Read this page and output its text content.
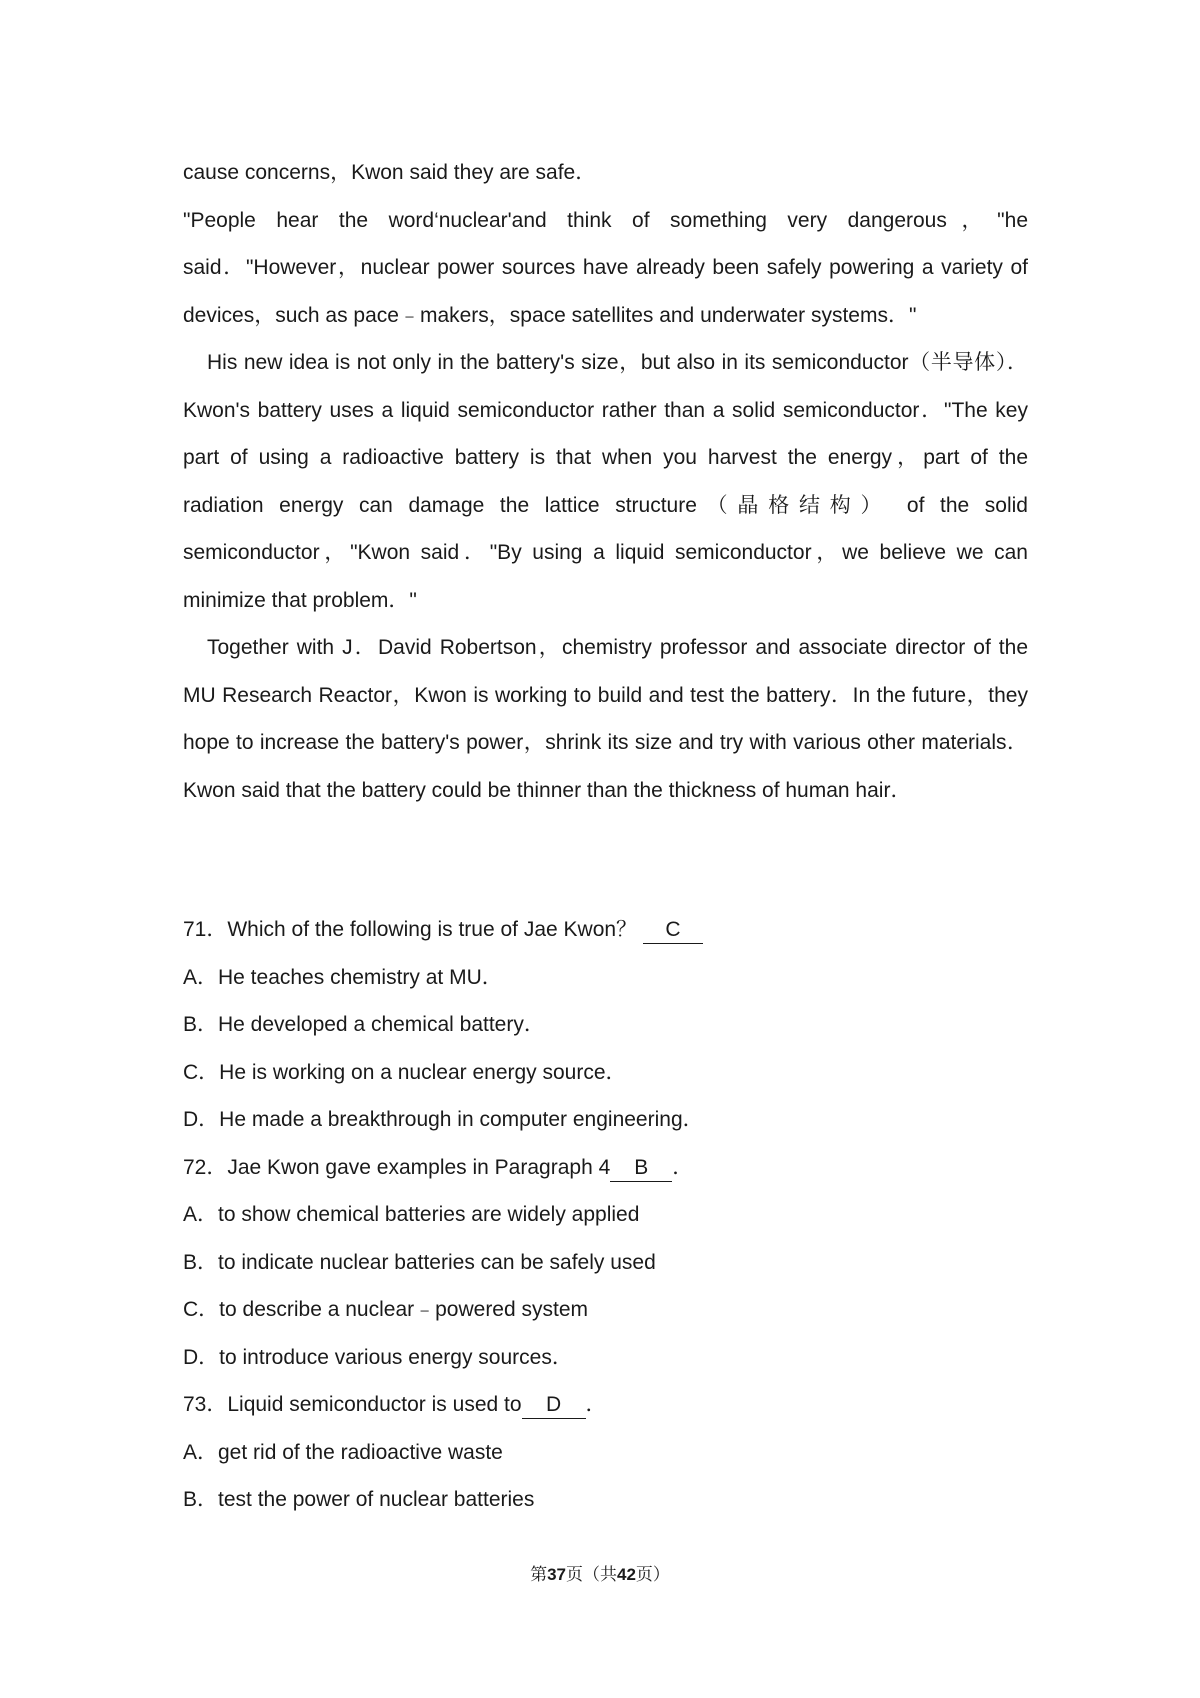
cause concerns，Kwon said they are safe．

"People hear the word‘nuclear'and think of something very dangerous，"he said．"However，nuclear power sources have already been safely powering a variety of devices，such as pace﹣makers，space satellites and underwater systems．"

His new idea is not only in the battery's size，but also in its semiconductor（半导体）．Kwon's battery uses a liquid semiconductor rather than a solid semiconductor．"The key part of using a radioactive battery is that when you harvest the energy，part of the radiation energy can damage the lattice structure（晶格结构） of the solid semiconductor，"Kwon said．"By using a liquid semiconductor，we believe we can minimize that problem．"

Together with J．David Robertson，chemistry professor and associate director of the MU Research Reactor，Kwon is working to build and test the battery．In the future，they hope to increase the battery's power，shrink its size and try with various other materials．Kwon said that the battery could be thinner than the thickness of human hair．

71．Which of the following is true of Jae Kwon？ C
A．He teaches chemistry at MU．
B．He developed a chemical battery．
C．He is working on a nuclear energy source．
D．He made a breakthrough in computer engineering．
72．Jae Kwon gave examples in Paragraph 4 B ．
A．to show chemical batteries are widely applied
B．to indicate nuclear batteries can be safely used
C．to describe a nuclear﹣powered system
D．to introduce various energy sources．
73．Liquid semiconductor is used to D ．
A．get rid of the radioactive waste
B．test the power of nuclear batteries
第37页（共42页）
